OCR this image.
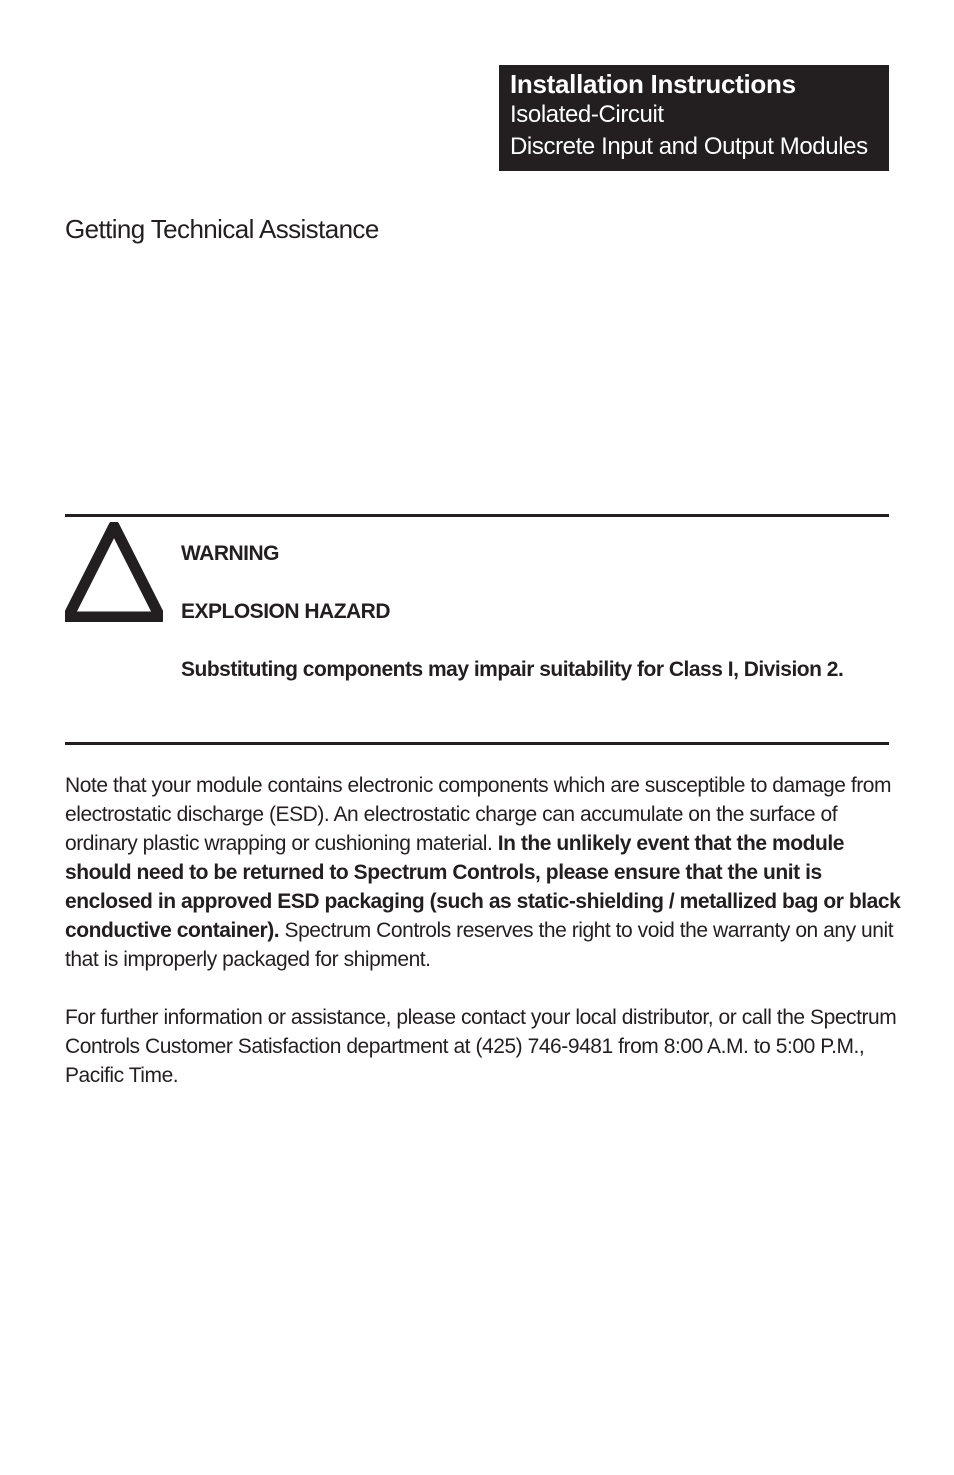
Installation Instructions
Isolated-Circuit
Discrete Input and Output Modules
Getting Technical Assistance
WARNING
EXPLOSION HAZARD
Substituting components may impair suitability for Class I, Division 2.
Note that your module contains electronic components which are susceptible to damage from
electrostatic discharge (ESD). An electrostatic charge can accumulate on the surface of
ordinary plastic wrapping or cushioning material. In the unlikely event that the module
should need to be returned to Spectrum Controls, please ensure that the unit is
enclosed in approved ESD packaging (such as static-shielding / metallized bag or black
conductive container). Spectrum Controls reserves the right to void the warranty on any unit
that is improperly packaged for shipment.
For further information or assistance, please contact your local distributor, or call the Spectrum
Controls Customer Satisfaction department at (425) 746-9481 from 8:00 A.M. to 5:00 P.M.,
Pacific Time.
